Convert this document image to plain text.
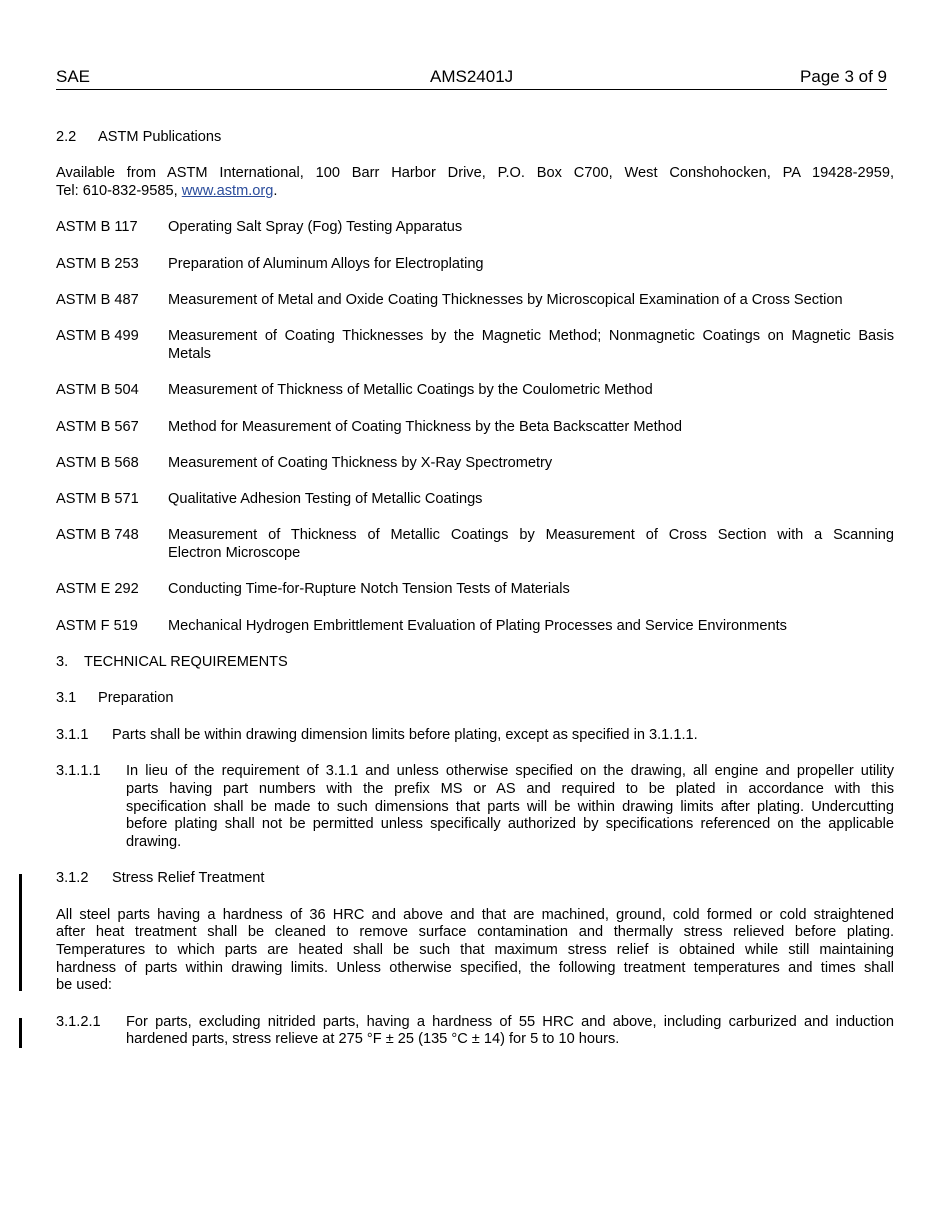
SAE	AMS2401J	Page 3 of 9
2.2 ASTM Publications
Available from ASTM International, 100 Barr Harbor Drive, P.O. Box C700, West Conshohocken, PA 19428-2959,
Tel: 610-832-9585, www.astm.org.
ASTM B 117 Operating Salt Spray (Fog) Testing Apparatus
ASTM B 253 Preparation of Aluminum Alloys for Electroplating
ASTM B 487 Measurement of Metal and Oxide Coating Thicknesses by Microscopical Examination of a Cross Section
ASTM B 499 Measurement of Coating Thicknesses by the Magnetic Method; Nonmagnetic Coatings on Magnetic Basis
Metals
ASTM B 504 Measurement of Thickness of Metallic Coatings by the Coulometric Method
ASTM B 567 Method for Measurement of Coating Thickness by the Beta Backscatter Method
ASTM B 568 Measurement of Coating Thickness by X-Ray Spectrometry
ASTM B 571 Qualitative Adhesion Testing of Metallic Coatings
ASTM B 748 Measurement of Thickness of Metallic Coatings by Measurement of Cross Section with a Scanning
Electron Microscope
ASTM E 292 Conducting Time-for-Rupture Notch Tension Tests of Materials
ASTM F 519 Mechanical Hydrogen Embrittlement Evaluation of Plating Processes and Service Environments
3. TECHNICAL REQUIREMENTS
3.1 Preparation
3.1.1 Parts shall be within drawing dimension limits before plating, except as specified in 3.1.1.1.
3.1.1.1 In lieu of the requirement of 3.1.1 and unless otherwise specified on the drawing, all engine and propeller utility
parts having part numbers with the prefix MS or AS and required to be plated in accordance with this
specification shall be made to such dimensions that parts will be within drawing limits after plating. Undercutting
before plating shall not be permitted unless specifically authorized by specifications referenced on the applicable
drawing.
3.1.2 Stress Relief Treatment
All steel parts having a hardness of 36 HRC and above and that are machined, ground, cold formed or cold straightened
after heat treatment shall be cleaned to remove surface contamination and thermally stress relieved before plating.
Temperatures to which parts are heated shall be such that maximum stress relief is obtained while still maintaining
hardness of parts within drawing limits. Unless otherwise specified, the following treatment temperatures and times shall
be used:
3.1.2.1 For parts, excluding nitrided parts, having a hardness of 55 HRC and above, including carburized and induction
hardened parts, stress relieve at 275 °F ± 25 (135 °C ± 14) for 5 to 10 hours.
